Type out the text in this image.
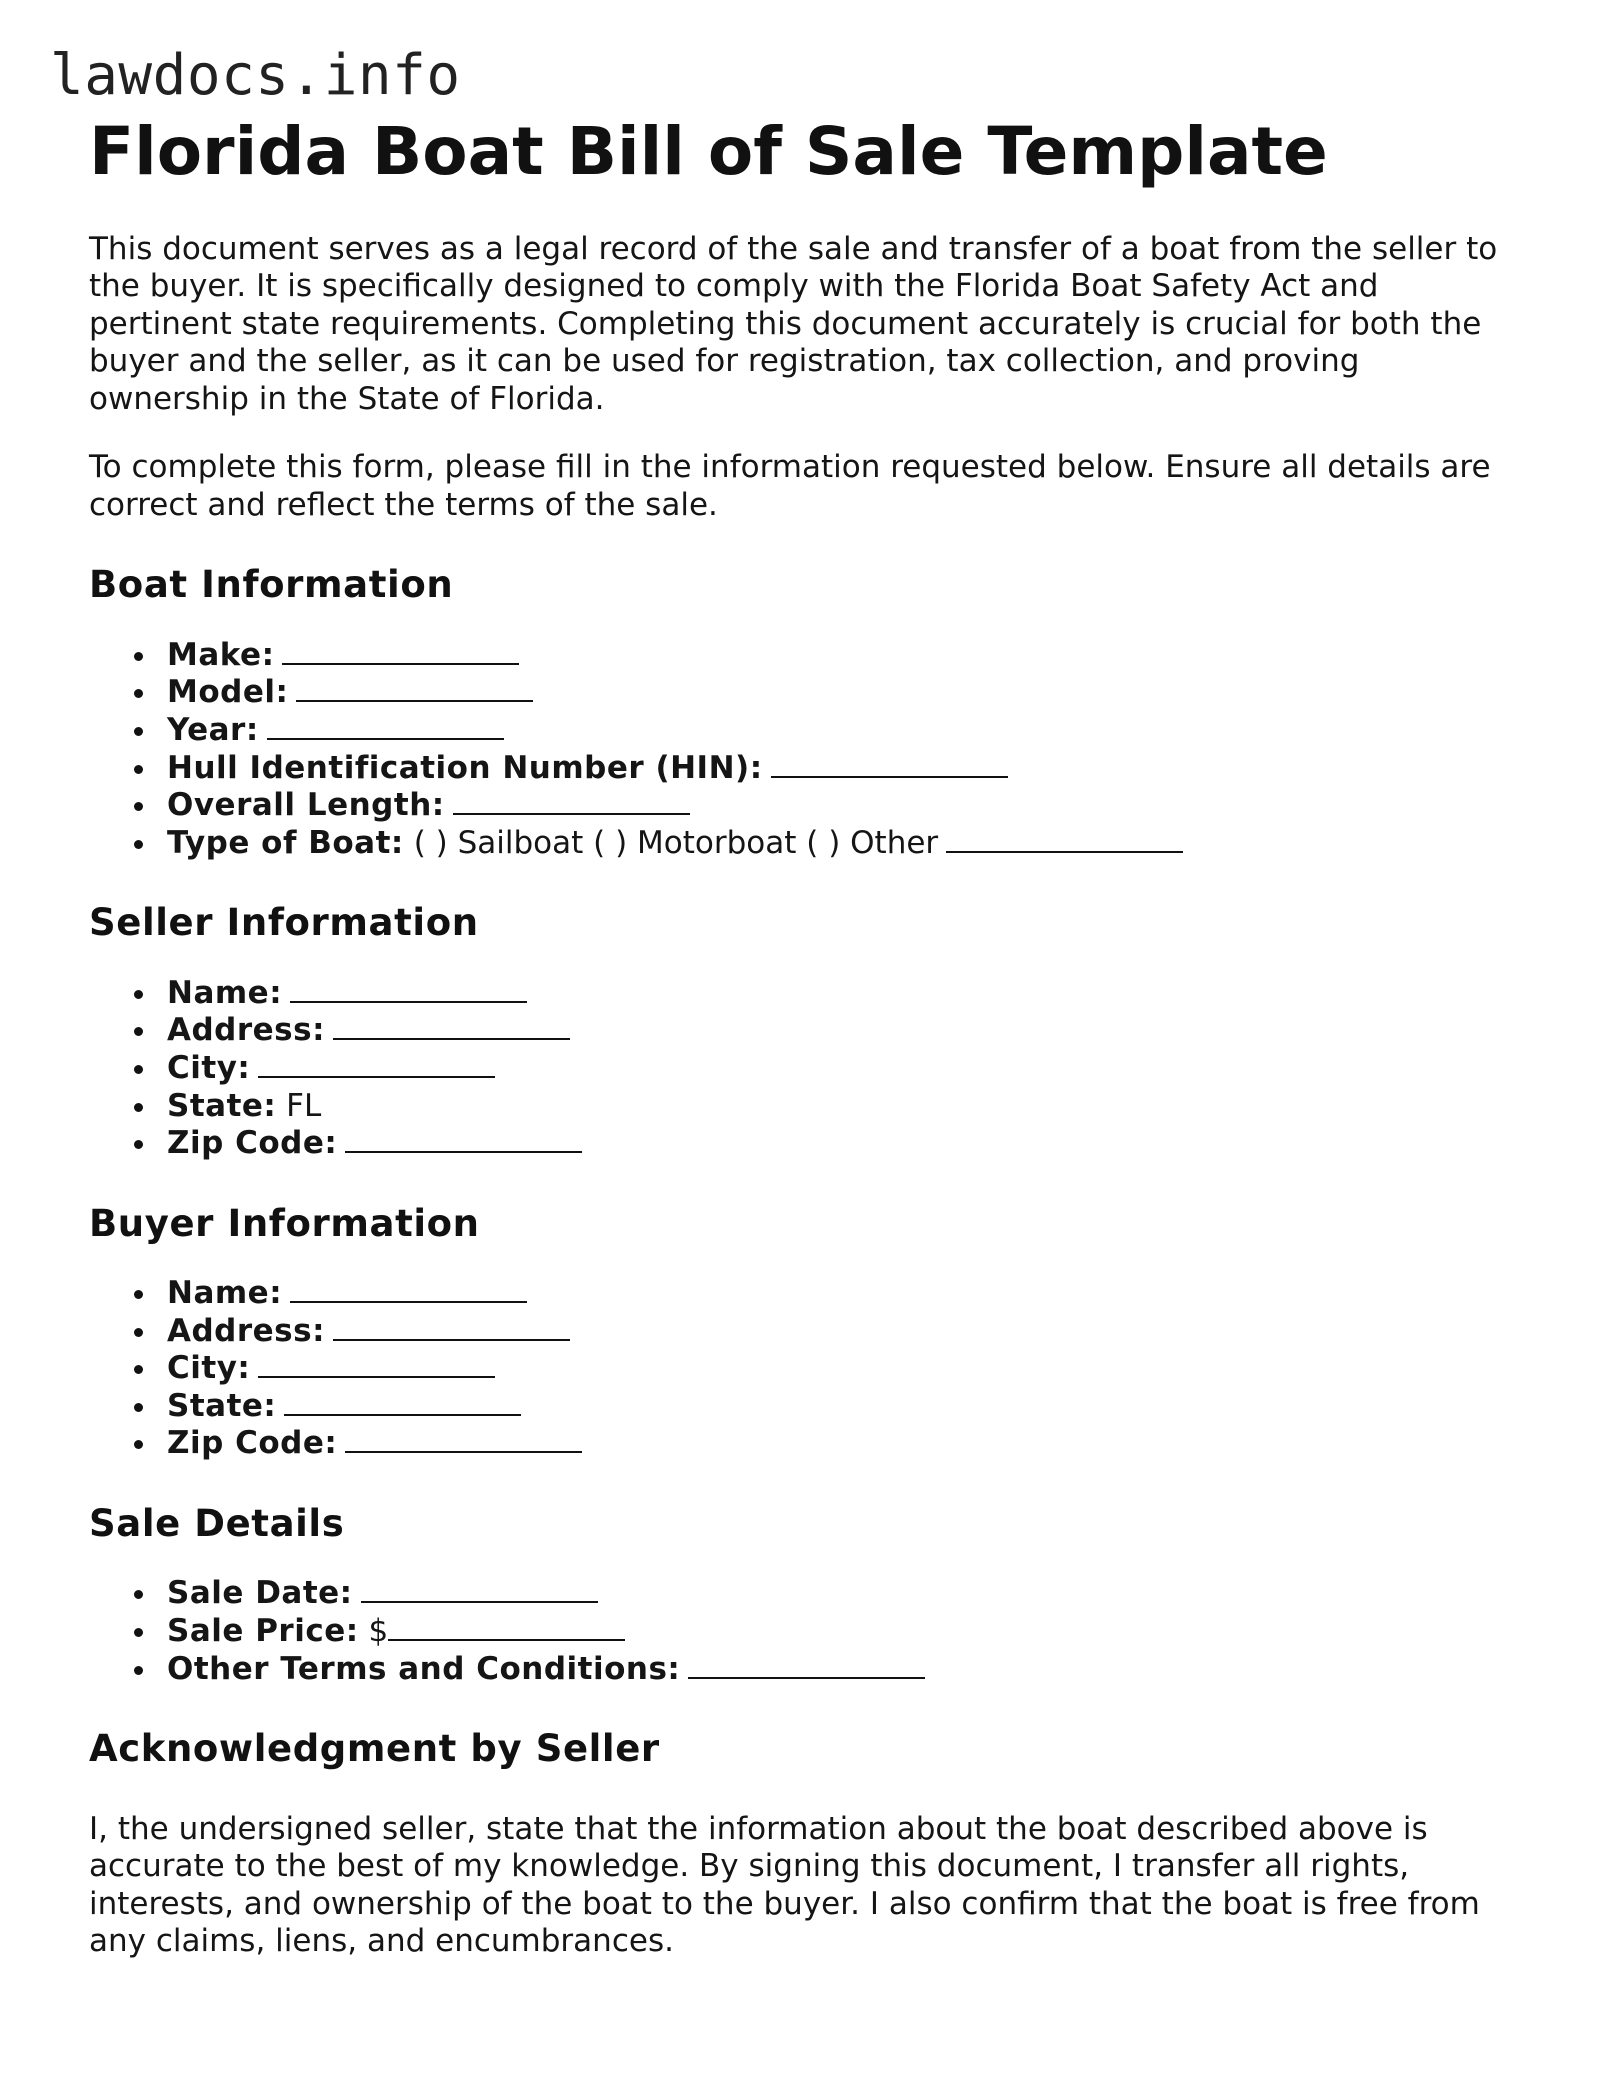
lawdocs.info
Florida Boat Bill of Sale Template

This document serves as a legal record of the sale and transfer of a boat from the seller to the buyer. It is specifically designed to comply with the Florida Boat Safety Act and pertinent state requirements. Completing this document accurately is crucial for both the buyer and the seller, as it can be used for registration, tax collection, and proving ownership in the State of Florida.

To complete this form, please fill in the information requested below. Ensure all details are correct and reflect the terms of the sale.

Boat Information
Make:
Model:
Year:
Hull Identification Number (HIN):
Overall Length:
Type of Boat: ( ) Sailboat ( ) Motorboat ( ) Other
Seller Information
Name:
Address:
City:
State: FL
Zip Code:
Buyer Information
Name:
Address:
City:
State:
Zip Code:
Sale Details
Sale Date:
Sale Price: $
Other Terms and Conditions:
Acknowledgment by Seller

I, the undersigned seller, state that the information about the boat described above is accurate to the best of my knowledge. By signing this document, I transfer all rights, interests, and ownership of the boat to the buyer. I also confirm that the boat is free from any claims, liens, and encumbrances.
